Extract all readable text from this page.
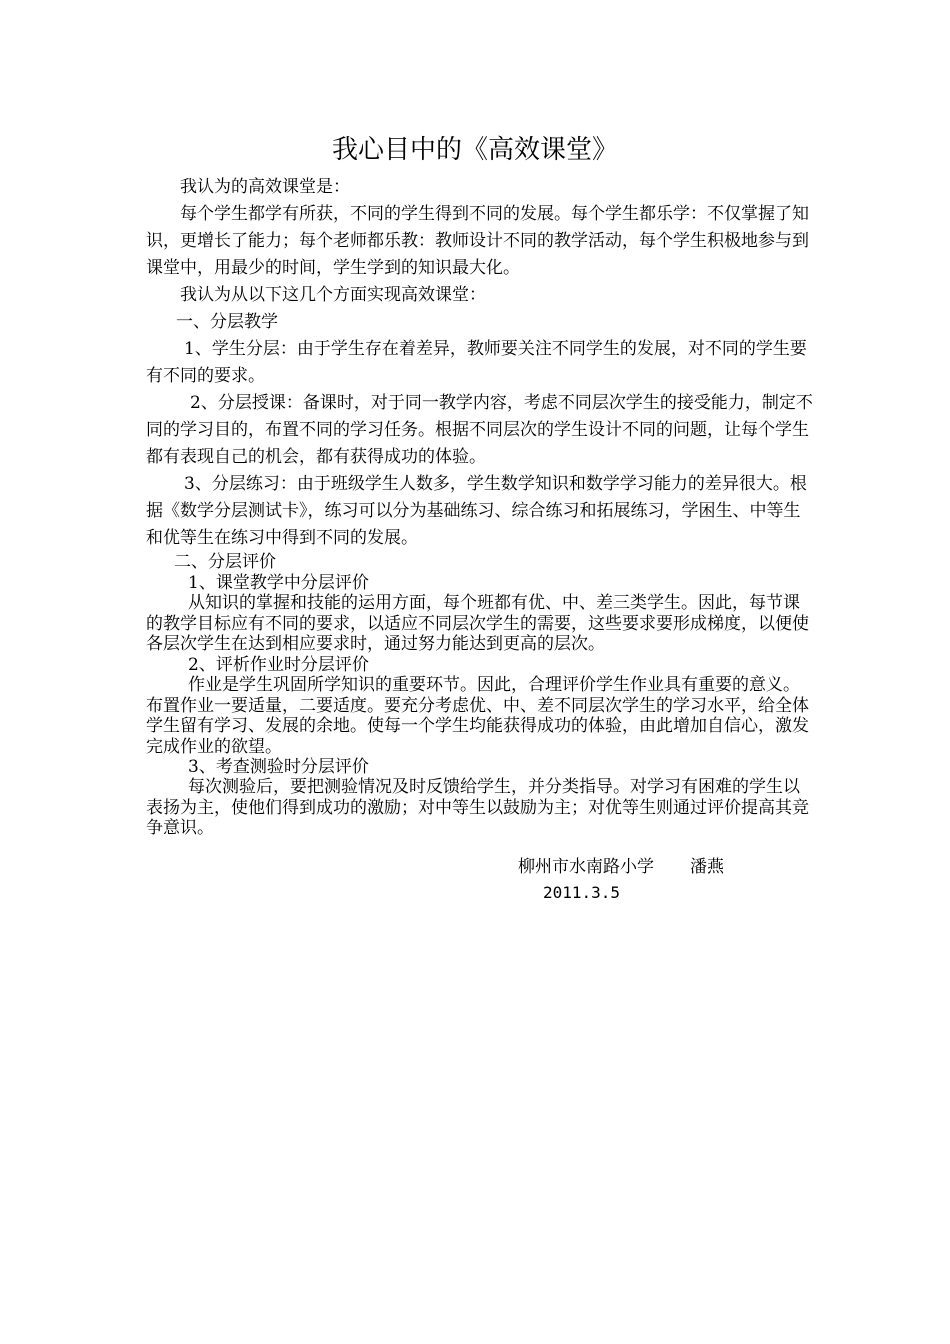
我心目中的《高效课堂》
我认为的高效课堂是：
每个学生都学有所获，不同的学生得到不同的发展。每个学生都乐学：不仅掌握了知识，更增长了能力；每个老师都乐教：教师设计不同的教学活动，每个学生积极地参与到课堂中，用最少的时间，学生学到的知识最大化。
我认为从以下这几个方面实现高效课堂：
一、分层教学
1、学生分层：由于学生存在着差异，教师要关注不同学生的发展，对不同的学生要有不同的要求。
2、分层授课：备课时，对于同一教学内容，考虑不同层次学生的接受能力，制定不同的学习目的，布置不同的学习任务。根据不同层次的学生设计不同的问题，让每个学生都有表现自己的机会，都有获得成功的体验。
3、分层练习：由于班级学生人数多，学生数学知识和数学学习能力的差异很大。根据《数学分层测试卡》，练习可以分为基础练习、综合练习和拓展练习，学困生、中等生和优等生在练习中得到不同的发展。
二、分层评价
1、课堂教学中分层评价
从知识的掌握和技能的运用方面，每个班都有优、中、差三类学生。因此，每节课的教学目标应有不同的要求，以适应不同层次学生的需要，这些要求要形成梯度，以便使各层次学生在达到相应要求时，通过努力能达到更高的层次。
2、评析作业时分层评价
作业是学生巩固所学知识的重要环节。因此，合理评价学生作业具有重要的意义。布置作业一要适量，二要适度。要充分考虑优、中、差不同层次学生的学习水平，给全体学生留有学习、发展的余地。使每一个学生均能获得成功的体验，由此增加自信心，激发完成作业的欲望。
3、考查测验时分层评价
每次测验后，要把测验情况及时反馈给学生，并分类指导。对学习有困难的学生以表扬为主，使他们得到成功的激励；对中等生以鼓励为主；对优等生则通过评价提高其竞争意识。
柳州市水南路小学 潘燕
2011.3.5
